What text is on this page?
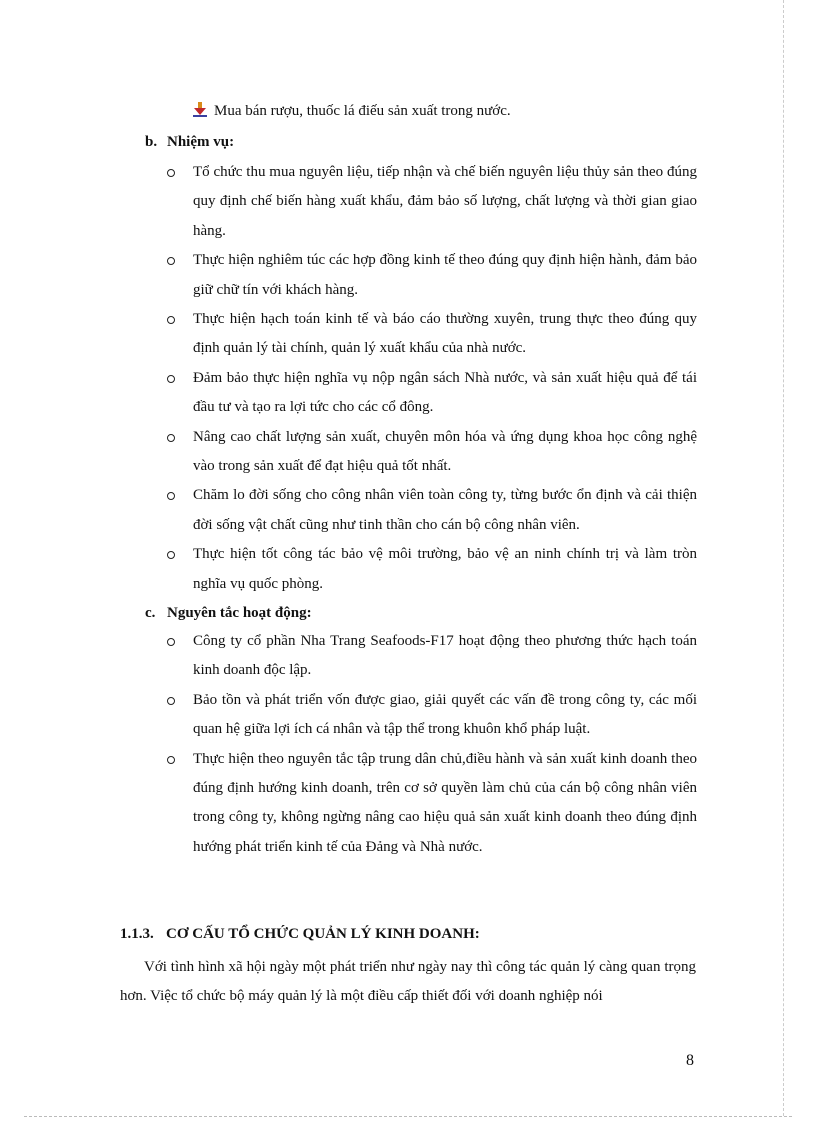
Mua bán rượu, thuốc lá điếu sản xuất trong nước.
b. Nhiệm vụ:
Tổ chức thu mua nguyên liệu, tiếp nhận và chế biến nguyên liệu thủy sản theo đúng quy định chế biến hàng xuất khẩu, đảm bảo số lượng, chất lượng và thời gian giao hàng.
Thực hiện nghiêm túc các hợp đồng kinh tế theo đúng quy định hiện hành, đảm bảo giữ chữ tín với khách hàng.
Thực hiện hạch toán kinh tế và báo cáo thường xuyên, trung thực theo đúng quy định quản lý tài chính, quản lý xuất khẩu của nhà nước.
Đảm bảo thực hiện nghĩa vụ nộp ngân sách Nhà nước, và sản xuất hiệu quả để tái đầu tư và tạo ra lợi tức cho các cổ đông.
Nâng cao chất lượng sản xuất, chuyên môn hóa và ứng dụng khoa học công nghệ vào trong sản xuất để đạt hiệu quả tốt nhất.
Chăm lo đời sống cho công nhân viên toàn công ty, từng bước ổn định và cải thiện đời sống vật chất cũng như tinh thần cho cán bộ công nhân viên.
Thực hiện tốt công tác bảo vệ môi trường, bảo vệ an ninh chính trị và làm tròn nghĩa vụ quốc phòng.
c. Nguyên tắc hoạt động:
Công ty cổ phần Nha Trang Seafoods-F17 hoạt động theo phương thức hạch toán kinh doanh độc lập.
Bảo tồn và phát triển vốn được giao, giải quyết các vấn đề trong công ty, các mối quan hệ giữa lợi ích cá nhân và tập thể trong khuôn khổ pháp luật.
Thực hiện theo nguyên tắc tập trung dân chủ,điều hành và sản xuất kinh doanh theo đúng định hướng kinh doanh, trên cơ sở quyền làm chủ của cán bộ công nhân viên trong công ty, không ngừng nâng cao hiệu quả sản xuất kinh doanh theo đúng định hướng phát triển kinh tế của Đảng và Nhà nước.
1.1.3. CƠ CẤU TỔ CHỨC QUẢN LÝ KINH DOANH:
Với tình hình xã hội ngày một phát triển như ngày nay thì công tác quản lý càng quan trọng hơn. Việc tổ chức bộ máy quản lý là một điều cấp thiết đối với doanh nghiệp nói
8
